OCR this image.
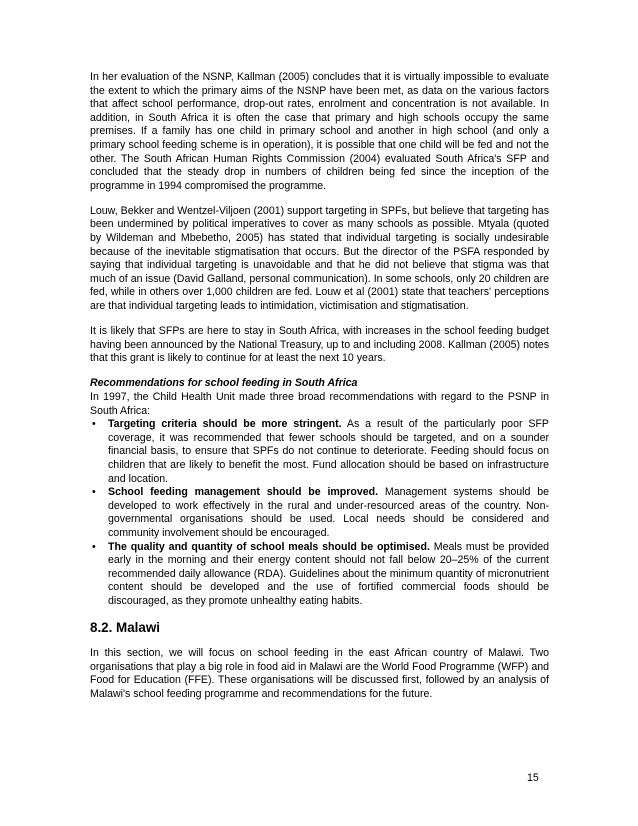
In her evaluation of the NSNP, Kallman (2005) concludes that it is virtually impossible to evaluate the extent to which the primary aims of the NSNP have been met, as data on the various factors that affect school performance, drop-out rates, enrolment and concentration is not available. In addition, in South Africa it is often the case that primary and high schools occupy the same premises. If a family has one child in primary school and another in high school (and only a primary school feeding scheme is in operation), it is possible that one child will be fed and not the other. The South African Human Rights Commission (2004) evaluated South Africa's SFP and concluded that the steady drop in numbers of children being fed since the inception of the programme in 1994 compromised the programme.

Louw, Bekker and Wentzel-Viljoen (2001) support targeting in SPFs, but believe that targeting has been undermined by political imperatives to cover as many schools as possible. Mtyala (quoted by Wildeman and Mbebetho, 2005) has stated that individual targeting is socially undesirable because of the inevitable stigmatisation that occurs. But the director of the PSFA responded by saying that individual targeting is unavoidable and that he did not believe that stigma was that much of an issue (David Galland, personal communication). In some schools, only 20 children are fed, while in others over 1,000 children are fed. Louw et al (2001) state that teachers' perceptions are that individual targeting leads to intimidation, victimisation and stigmatisation.

It is likely that SFPs are here to stay in South Africa, with increases in the school feeding budget having been announced by the National Treasury, up to and including 2008. Kallman (2005) notes that this grant is likely to continue for at least the next 10 years.

Recommendations for school feeding in South Africa

In 1997, the Child Health Unit made three broad recommendations with regard to the PSNP in South Africa:

• Targeting criteria should be more stringent. As a result of the particularly poor SFP coverage, it was recommended that fewer schools should be targeted, and on a sounder financial basis, to ensure that SPFs do not continue to deteriorate. Feeding should focus on children that are likely to benefit the most. Fund allocation should be based on infrastructure and location.
• School feeding management should be improved. Management systems should be developed to work effectively in the rural and under-resourced areas of the country. Non-governmental organisations should be used. Local needs should be considered and community involvement should be encouraged.
• The quality and quantity of school meals should be optimised. Meals must be provided early in the morning and their energy content should not fall below 20–25% of the current recommended daily allowance (RDA). Guidelines about the minimum quantity of micronutrient content should be developed and the use of fortified commercial foods should be discouraged, as they promote unhealthy eating habits.
8.2. Malawi

In this section, we will focus on school feeding in the east African country of Malawi. Two organisations that play a big role in food aid in Malawi are the World Food Programme (WFP) and Food for Education (FFE). These organisations will be discussed first, followed by an analysis of Malawi's school feeding programme and recommendations for the future.

15
